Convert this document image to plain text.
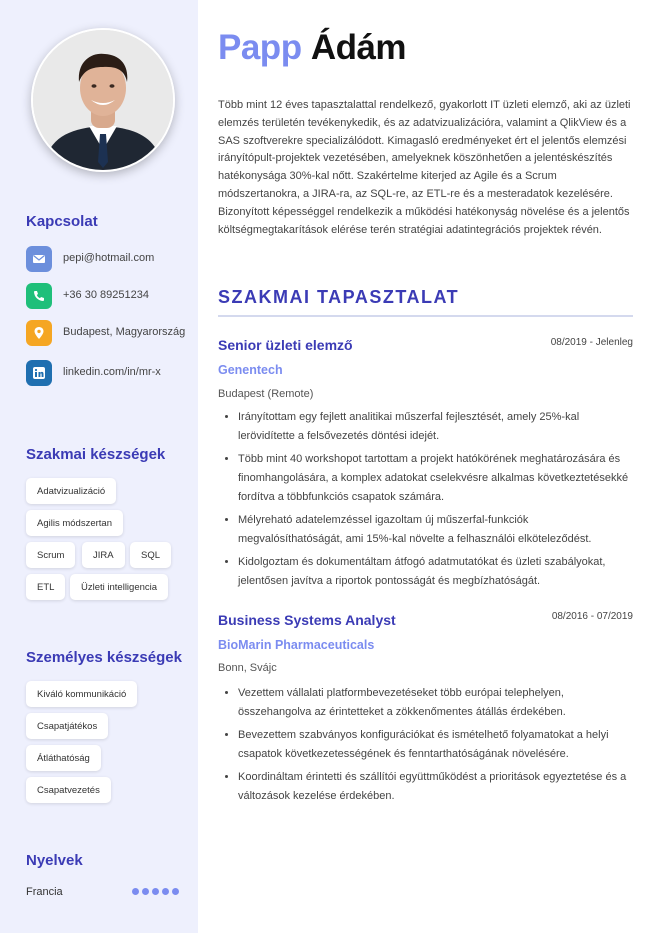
Kapcsolat
pepi@hotmail.com
+36 30 89251234
Budapest, Magyarország
linkedin.com/in/mr-x
Szakmai készségek
Adatvizualizáció
Agilis módszertan
Scrum	JIRA	SQL
ETL	Üzleti intelligencia
Személyes készségek
Kiváló kommunikáció
Csapatjátékos
Átláthatóság
Csapatvezetés
Nyelvek
Francia
Papp Ádám
Több mint 12 éves tapasztalattal rendelkező, gyakorlott IT üzleti elemző, aki az üzleti elemzés területén tevékenykedik, és az adatvizualizációra, valamint a QlikView és a SAS szoftverekre specializálódott. Kimagasló eredményeket ért el jelentős elemzési irányítópult-projektek vezetésében, amelyeknek köszönhetően a jelentéskészítés hatékonysága 30%-kal nőtt. Szakértelme kiterjed az Agile és a Scrum módszertanokra, a JIRA-ra, az SQL-re, az ETL-re és a mesteradatok kezelésére. Bizonyított képességgel rendelkezik a működési hatékonyság növelése és a jelentős költségmegtakarítások elérése terén stratégiai adatintegrációs projektek révén.
SZAKMAI TAPASZTALAT
Senior üzleti elemző	08/2019 - Jelenleg
Genentech
Budapest (Remote)
• Irányítottam egy fejlett analitikai műszerfal fejlesztését, amely 25%-kal lerövidítette a felsővezetés döntési idejét.
• Több mint 40 workshopot tartottam a projekt hatókörének meghatározására és finomhangolására, a komplex adatokat cselekvésre alkalmas következtetésekké fordítva a többfunkciós csapatok számára.
• Mélyreható adatelemzéssel igazoltam új műszerfal-funkciók megvalósíthatóságát, ami 15%-kal növelte a felhasználói elköteleződést.
• Kidolgoztam és dokumentáltam átfogó adatmutatókat és üzleti szabályokat, jelentősen javítva a riportok pontosságát és megbízhatóságát.
Business Systems Analyst	08/2016 - 07/2019
BioMarin Pharmaceuticals
Bonn, Svájc
• Vezettem vállalati platformbevezetéseket több európai telephelyen, összehangolva az érintetteket a zökkenőmentes átállás érdekében.
• Bevezettem szabványos konfigurációkat és ismételhető folyamatokat a helyi csapatok következetességének és fenntarthatóságának növelésére.
• Koordináltam érintetti és szállítói együttműködést a prioritások egyeztetése és a változások kezelése érdekében.
